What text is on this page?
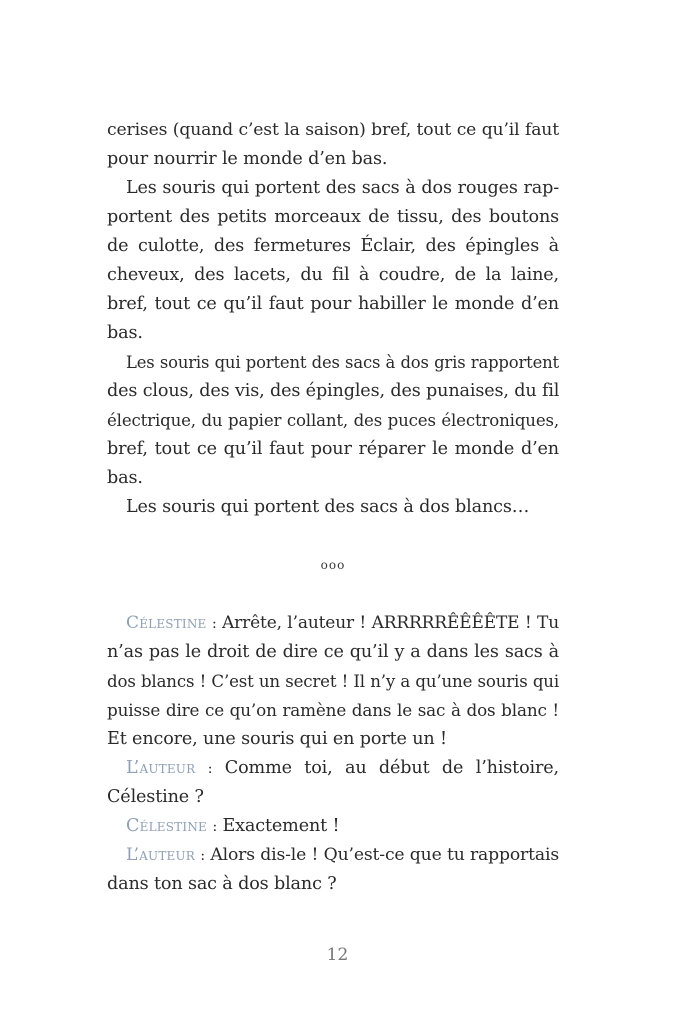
cerises (quand c’est la saison) bref, tout ce qu’il faut
pour nourrir le monde d’en bas.
Les souris qui portent des sacs à dos rouges rap-
portent des petits morceaux de tissu, des boutons
de culotte, des fermetures Éclair, des épingles à
cheveux, des lacets, du fil à coudre, de la laine,
bref, tout ce qu’il faut pour habiller le monde d’en
bas.
Les souris qui portent des sacs à dos gris rapportent
des clous, des vis, des épingles, des punaises, du fil
électrique, du papier collant, des puces électroniques,
bref, tout ce qu’il faut pour réparer le monde d’en
bas.
Les souris qui portent des sacs à dos blancs…
ooo
Célestine : Arrête, l’auteur ! ARRRRRÊÊÊÊTE ! Tu
n’as pas le droit de dire ce qu’il y a dans les sacs à
dos blancs ! C’est un secret ! Il n’y a qu’une souris qui
puisse dire ce qu’on ramène dans le sac à dos blanc !
Et encore, une souris qui en porte un !
L’auteur : Comme toi, au début de l’histoire,
Célestine ?
Célestine : Exactement !
L’auteur : Alors dis-le ! Qu’est-ce que tu rapportais
dans ton sac à dos blanc ?
12
